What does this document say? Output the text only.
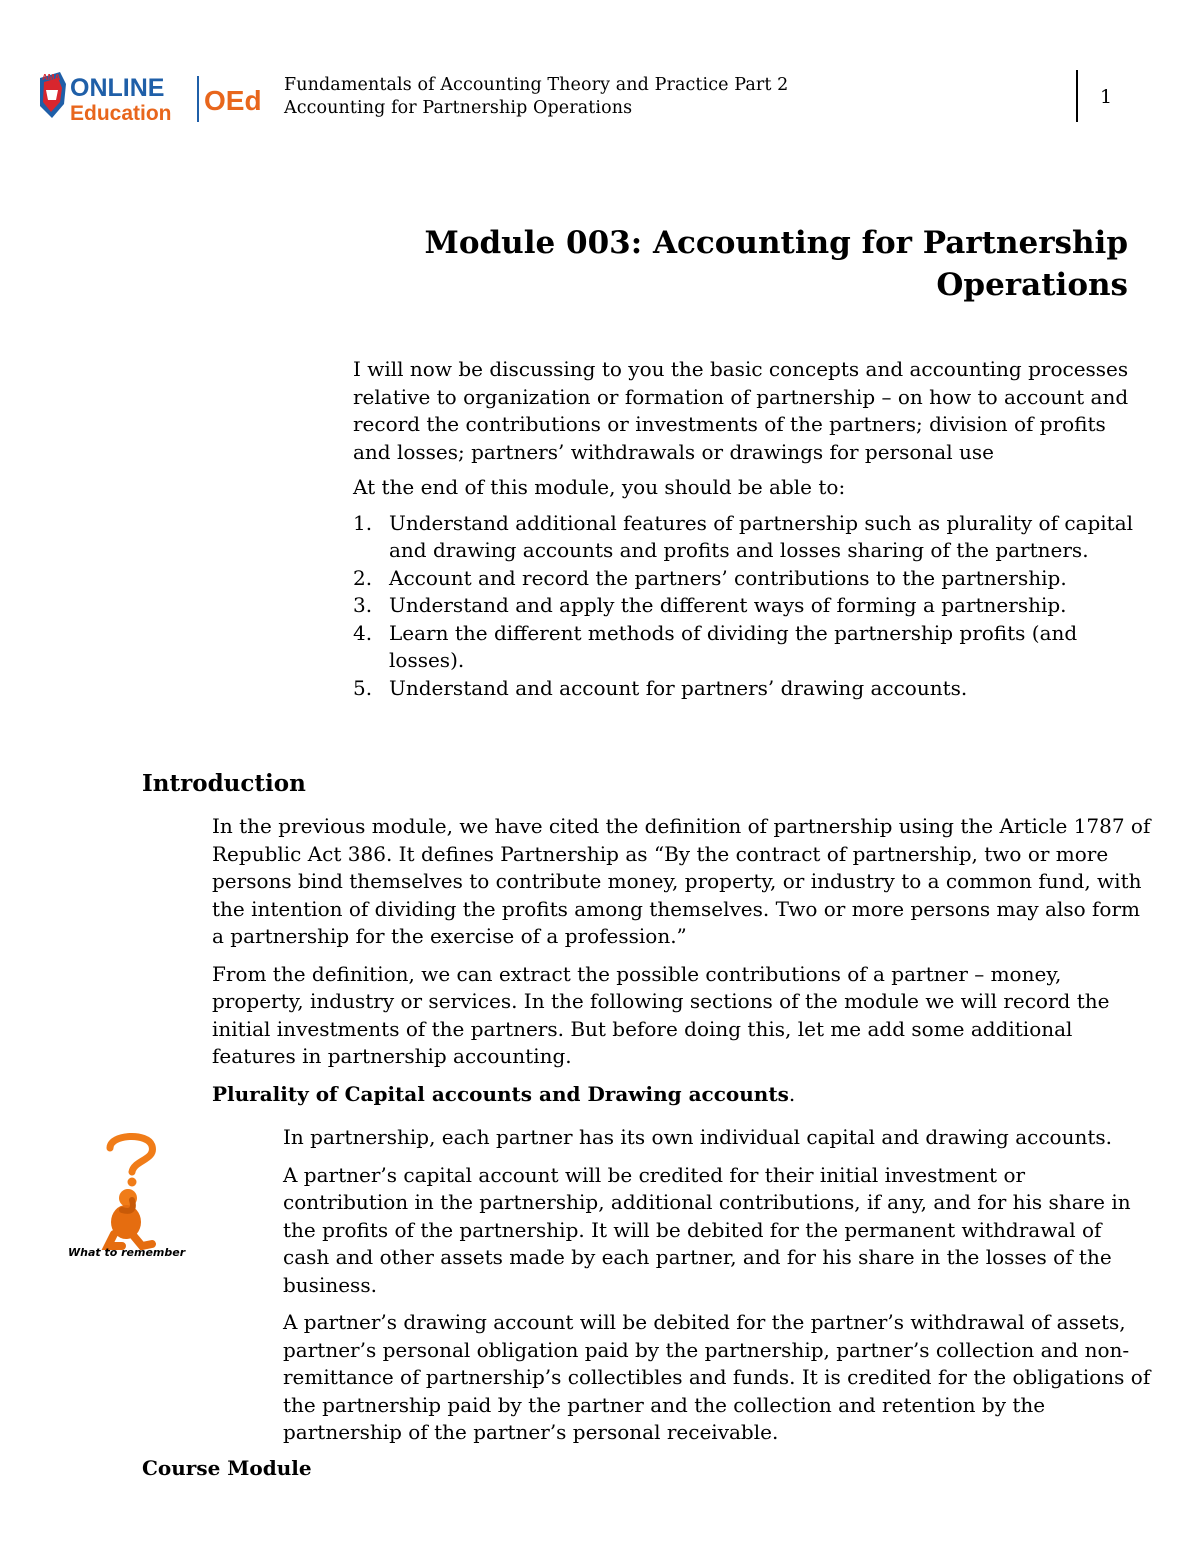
AMA ONLINE
Education OEd Fundamentals of Accounting Theory and Practice Part 2
Accounting for Partnership Operations	1
Module 003: Accounting for Partnership
Operations

I will now be discussing to you the basic concepts and accounting processes relative to organization or formation of partnership – on how to account and record the contributions or investments of the partners; division of profits and losses; partners’ withdrawals or drawings for personal use

At the end of this module, you should be able to:

1. Understand additional features of partnership such as plurality of capital and drawing accounts and profits and losses sharing of the partners.
2. Account and record the partners’ contributions to the partnership.
3. Understand and apply the different ways of forming a partnership.
4. Learn the different methods of dividing the partnership profits (and losses).
5. Understand and account for partners’ drawing accounts.
Introduction

In the previous module, we have cited the definition of partnership using the Article 1787 of Republic Act 386. It defines Partnership as “By the contract of partnership, two or more persons bind themselves to contribute money, property, or industry to a common fund, with the intention of dividing the profits among themselves. Two or more persons may also form a partnership for the exercise of a profession.”

From the definition, we can extract the possible contributions of a partner – money, property, industry or services. In the following sections of the module we will record the initial investments of the partners. But before doing this, let me add some additional features in partnership accounting.

Plurality of Capital accounts and Drawing accounts.

What to remember

In partnership, each partner has its own individual capital and drawing accounts.

A partner’s capital account will be credited for their initial investment or contribution in the partnership, additional contributions, if any, and for his share in the profits of the partnership. It will be debited for the permanent withdrawal of cash and other assets made by each partner, and for his share in the losses of the business.

A partner’s drawing account will be debited for the partner’s withdrawal of assets, partner’s personal obligation paid by the partnership, partner’s collection and non-remittance of partnership’s collectibles and funds. It is credited for the obligations of the partnership paid by the partner and the collection and retention by the partnership of the partner’s personal receivable.

Course Module
